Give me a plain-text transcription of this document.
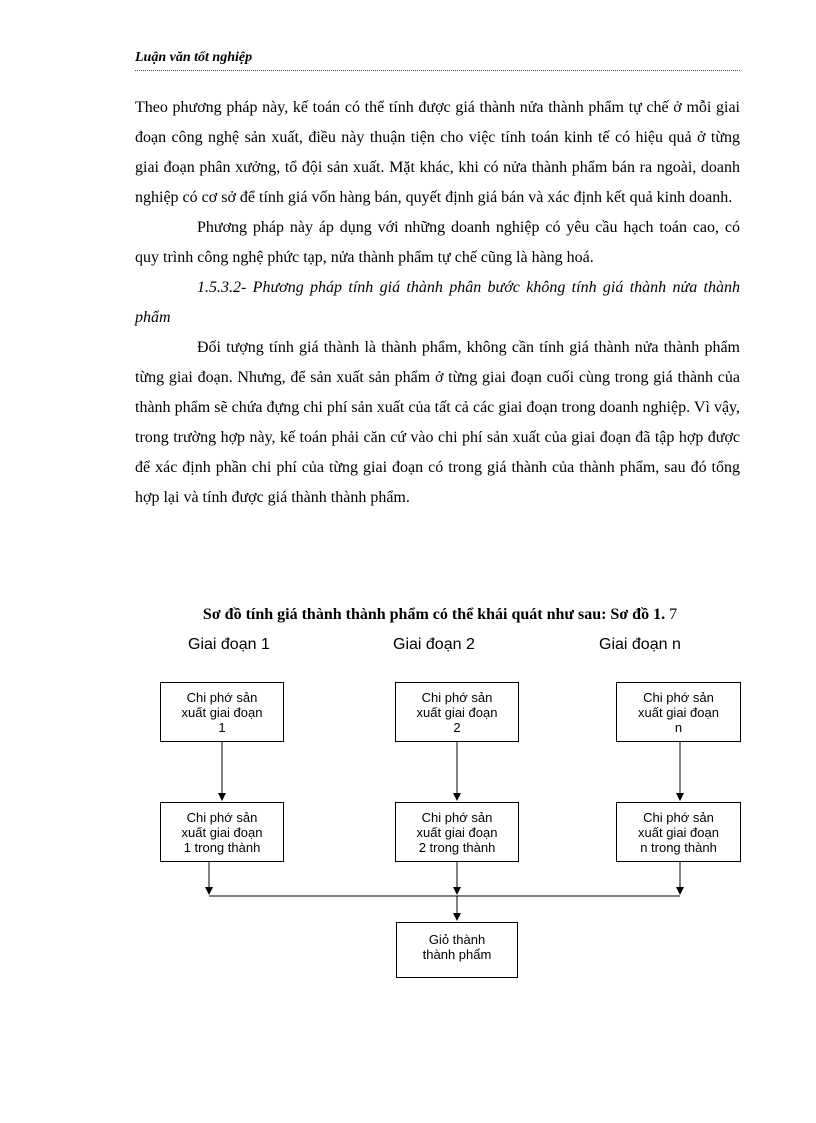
Luận văn tốt nghiệp

Theo phương pháp này, kế toán có thể tính được giá thành nửa thành phẩm tự chế ở mỗi giai đoạn công nghệ sản xuất, điều này thuận tiện cho việc tính toán kinh tế có hiệu quả ở từng giai đoạn phân xưởng, tổ đội sản xuất. Mặt khác, khi có nửa thành phẩm bán ra ngoài, doanh nghiệp có cơ sở để tính giá vốn hàng bán, quyết định giá bán và xác định kết quả kinh doanh.

Phương pháp này áp dụng với những doanh nghiệp có yêu cầu hạch toán cao, có quy trình công nghệ phức tạp, nửa thành phẩm tự chế cũng là hàng hoá.

1.5.3.2- Phương pháp tính giá thành phân bước không tính giá thành nửa thành phẩm

Đối tượng tính giá thành là thành phẩm, không cần tính giá thành nửa thành phẩm từng giai đoạn. Nhưng, để sản xuất sản phẩm ở từng giai đoạn cuối cùng trong giá thành của thành phẩm sẽ chứa đựng chi phí sản xuất của tất cả các giai đoạn trong doanh nghiệp. Vì vậy, trong trường hợp này, kế toán phải căn cứ vào chi phí sản xuất của giai đoạn đã tập hợp được để xác định phần chi phí của từng giai đoạn có trong giá thành của thành phẩm, sau đó tổng hợp lại và tính được giá thành thành phẩm.

Sơ đồ tính giá thành thành phẩm có thể khái quát như sau: Sơ đồ 1. 7
Giai đoạn 1	Giai đoạn 2	Giai đoạn n
Chi phớ sản
xuất giai đoạn
1
Chi phớ sản
xuất giai đoạn
2
Chi phớ sản
xuất giai đoạn
n
Chi phớ sản
xuất giai đoạn
1 trong thành
Chi phớ sản
xuất giai đoạn
2 trong thành
Chi phớ sản
xuất giai đoạn
n trong thành
Giỏ thành
thành phẩm
